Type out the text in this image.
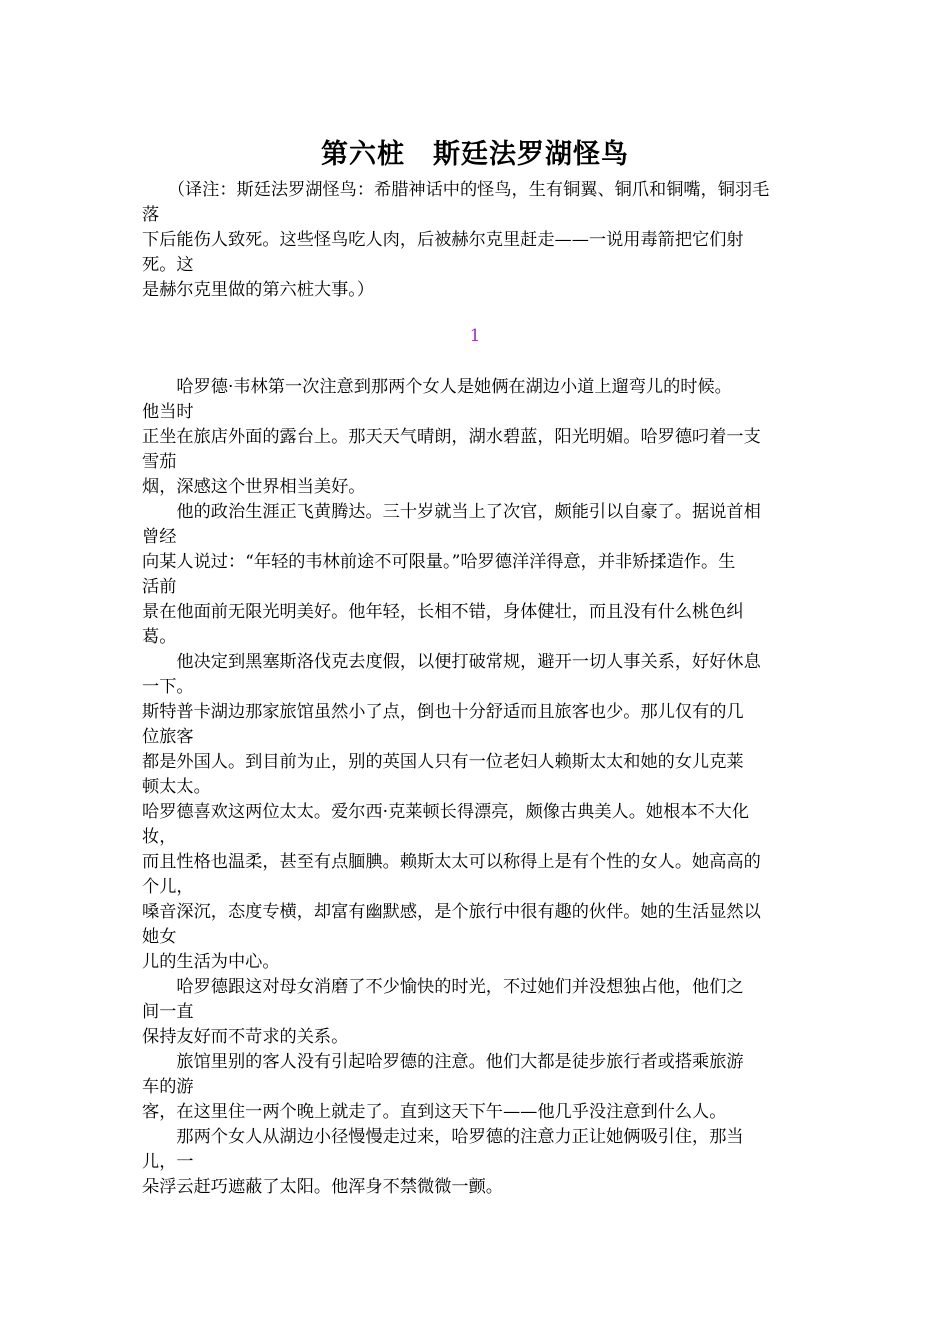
第六桩　斯廷法罗湖怪鸟
1
　　（译注：斯廷法罗湖怪鸟：希腊神话中的怪鸟，生有铜翼、铜爪和铜嘴，铜羽毛
落
下后能伤人致死。这些怪鸟吃人肉，后被赫尔克里赶走——一说用毒箭把它们射
死。这
是赫尔克里做的第六桩大事。）
　　哈罗德·韦林第一次注意到那两个女人是她俩在湖边小道上遛弯儿的时候。
他当时
正坐在旅店外面的露台上。那天天气晴朗，湖水碧蓝，阳光明媚。哈罗德叼着一支
雪茄
烟，深感这个世界相当美好。
　　他的政治生涯正飞黄腾达。三十岁就当上了次官，颇能引以自豪了。据说首相
曾经
向某人说过：“年轻的韦林前途不可限量。”哈罗德洋洋得意，并非矫揉造作。生
活前
景在他面前无限光明美好。他年轻，长相不错，身体健壮，而且没有什么桃色纠
葛。
　　他决定到黑塞斯洛伐克去度假，以便打破常规，避开一切人事关系，好好休息
一下。
斯特普卡湖边那家旅馆虽然小了点，倒也十分舒适而且旅客也少。那儿仅有的几
位旅客
都是外国人。到目前为止，别的英国人只有一位老妇人赖斯太太和她的女儿克莱
顿太太。
哈罗德喜欢这两位太太。爱尔西·克莱顿长得漂亮，颇像古典美人。她根本不大化
妆，
而且性格也温柔，甚至有点腼腆。赖斯太太可以称得上是有个性的女人。她高高的
个儿，
嗓音深沉，态度专横，却富有幽默感，是个旅行中很有趣的伙伴。她的生活显然以
她女
儿的生活为中心。
　　哈罗德跟这对母女消磨了不少愉快的时光，不过她们并没想独占他，他们之
间一直
保持友好而不苛求的关系。
　　旅馆里别的客人没有引起哈罗德的注意。他们大都是徒步旅行者或搭乘旅游
车的游
客，在这里住一两个晚上就走了。直到这天下午——他几乎没注意到什么人。
　　那两个女人从湖边小径慢慢走过来，哈罗德的注意力正让她俩吸引住，那当
儿，一
朵浮云赶巧遮蔽了太阳。他浑身不禁微微一颤。
